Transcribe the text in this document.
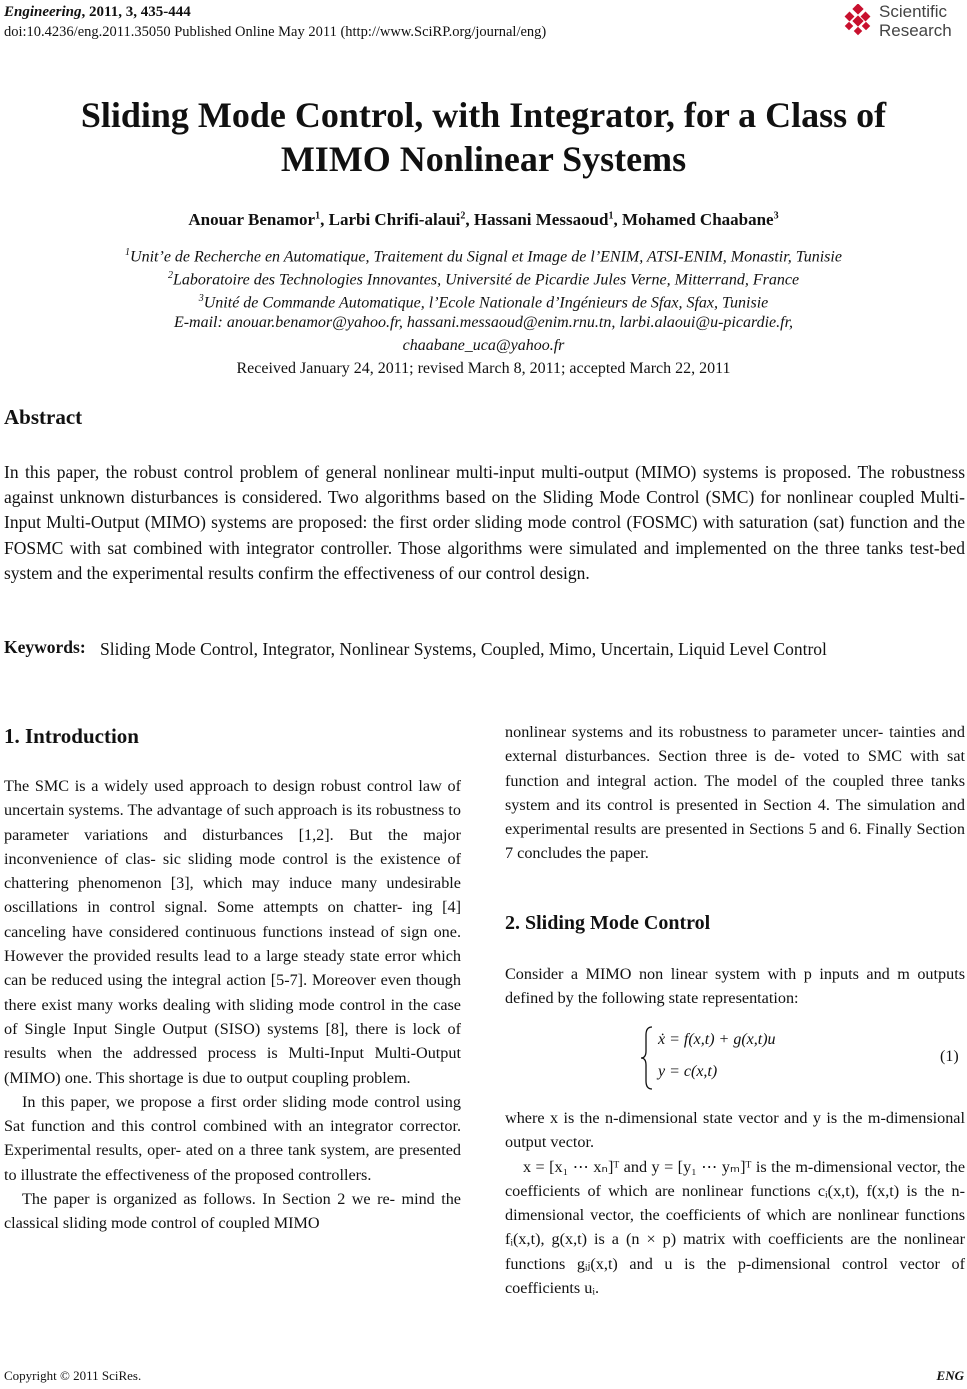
Engineering, 2011, 3, 435-444
doi:10.4236/eng.2011.35050 Published Online May 2011 (http://www.SciRP.org/journal/eng)
Scientific
Research
Sliding Mode Control, with Integrator, for a Class of
MIMO Nonlinear Systems
Anouar Benamor$^1$, Larbi Chrifi-alaui$^2$, Hassani Messaoud$^1$, Mohamed Chaabane$^3$
$^1$Unit’e de Recherche en Automatique, Traitement du Signal et Image de l’ENIM, ATSI-ENIM, Monastir, Tunisie
$^2$Laboratoire des Technologies Innovantes, Université de Picardie Jules Verne, Mitterrand, France
$^3$Unité de Commande Automatique, l’Ecole Nationale d’Ingénieurs de Sfax, Sfax, Tunisie
E-mail: anouar.benamor@yahoo.fr, hassani.messaoud@enim.rnu.tn, larbi.alaoui@u-picardie.fr,
chaabane_uca@yahoo.fr
Received January 24, 2011; revised March 8, 2011; accepted March 22, 2011
Abstract
In this paper, the robust control problem of general nonlinear multi-input multi-output (MIMO) systems is proposed. The robustness against unknown disturbances is considered. Two algorithms based on the Sliding Mode Control (SMC) for nonlinear coupled Multi-Input Multi-Output (MIMO) systems are proposed: the first order sliding mode control (FOSMC) with saturation (sat) function and the FOSMC with sat combined with integrator controller. Those algorithms were simulated and implemented on the three tanks test-bed system and the experimental results confirm the effectiveness of our control design.
Keywords: Sliding Mode Control, Integrator, Nonlinear Systems, Coupled, Mimo, Uncertain, Liquid Level Control
1. Introduction

The SMC is a widely used approach to design robust control law of uncertain systems. The advantage of such approach is its robustness to parameter variations and disturbances [1,2]. But the major inconvenience of clas- sic sliding mode control is the existence of chattering phenomenon [3], which may induce many undesirable oscillations in control signal. Some attempts on chatter- ing [4] canceling have considered continuous functions instead of sign one. However the provided results lead to a large steady state error which can be reduced using the integral action [5-7]. Moreover even though there exist many works dealing with sliding mode control in the case of Single Input Single Output (SISO) systems [8], there is lock of results when the addressed process is Multi-Input Multi-Output (MIMO) one. This shortage is due to output coupling problem.

In this paper, we propose a first order sliding mode control using Sat function and this control combined with an integrator corrector. Experimental results, oper- ated on a three tank system, are presented to illustrate the effectiveness of the proposed controllers.

The paper is organized as follows. In Section 2 we re- mind the classical sliding mode control of coupled MIMO

nonlinear systems and its robustness to parameter uncer- tainties and external disturbances. Section three is de- voted to SMC with sat function and integral action. The model of the coupled three tanks system and its control is presented in Section 4. The simulation and experimental results are presented in Sections 5 and 6. Finally Section 7 concludes the paper.

2. Sliding Mode Control
Consider a MIMO non linear system with p inputs and m outputs defined by the following state representation:
ẋ = f(x,t) + g(x,t)u
y = c(x,t)
(1)

where x is the n-dimensional state vector and y is the m-dimensional output vector.

x = [x₁ ⋯ xₙ]ᵀ and y = [y₁ ⋯ yₘ]ᵀ is the m-dimensional vector, the coefficients of which are nonlinear functions cᵢ(x,t), f(x,t) is the n-dimensional vector, the coefficients of which are nonlinear functions fᵢ(x,t), g(x,t) is a (n × p) matrix with coefficients are the nonlinear functions gᵢⱼ(x,t) and u is the p-dimensional control vector of coefficients uᵢ.

Copyright © 2011 SciRes.	ENG
